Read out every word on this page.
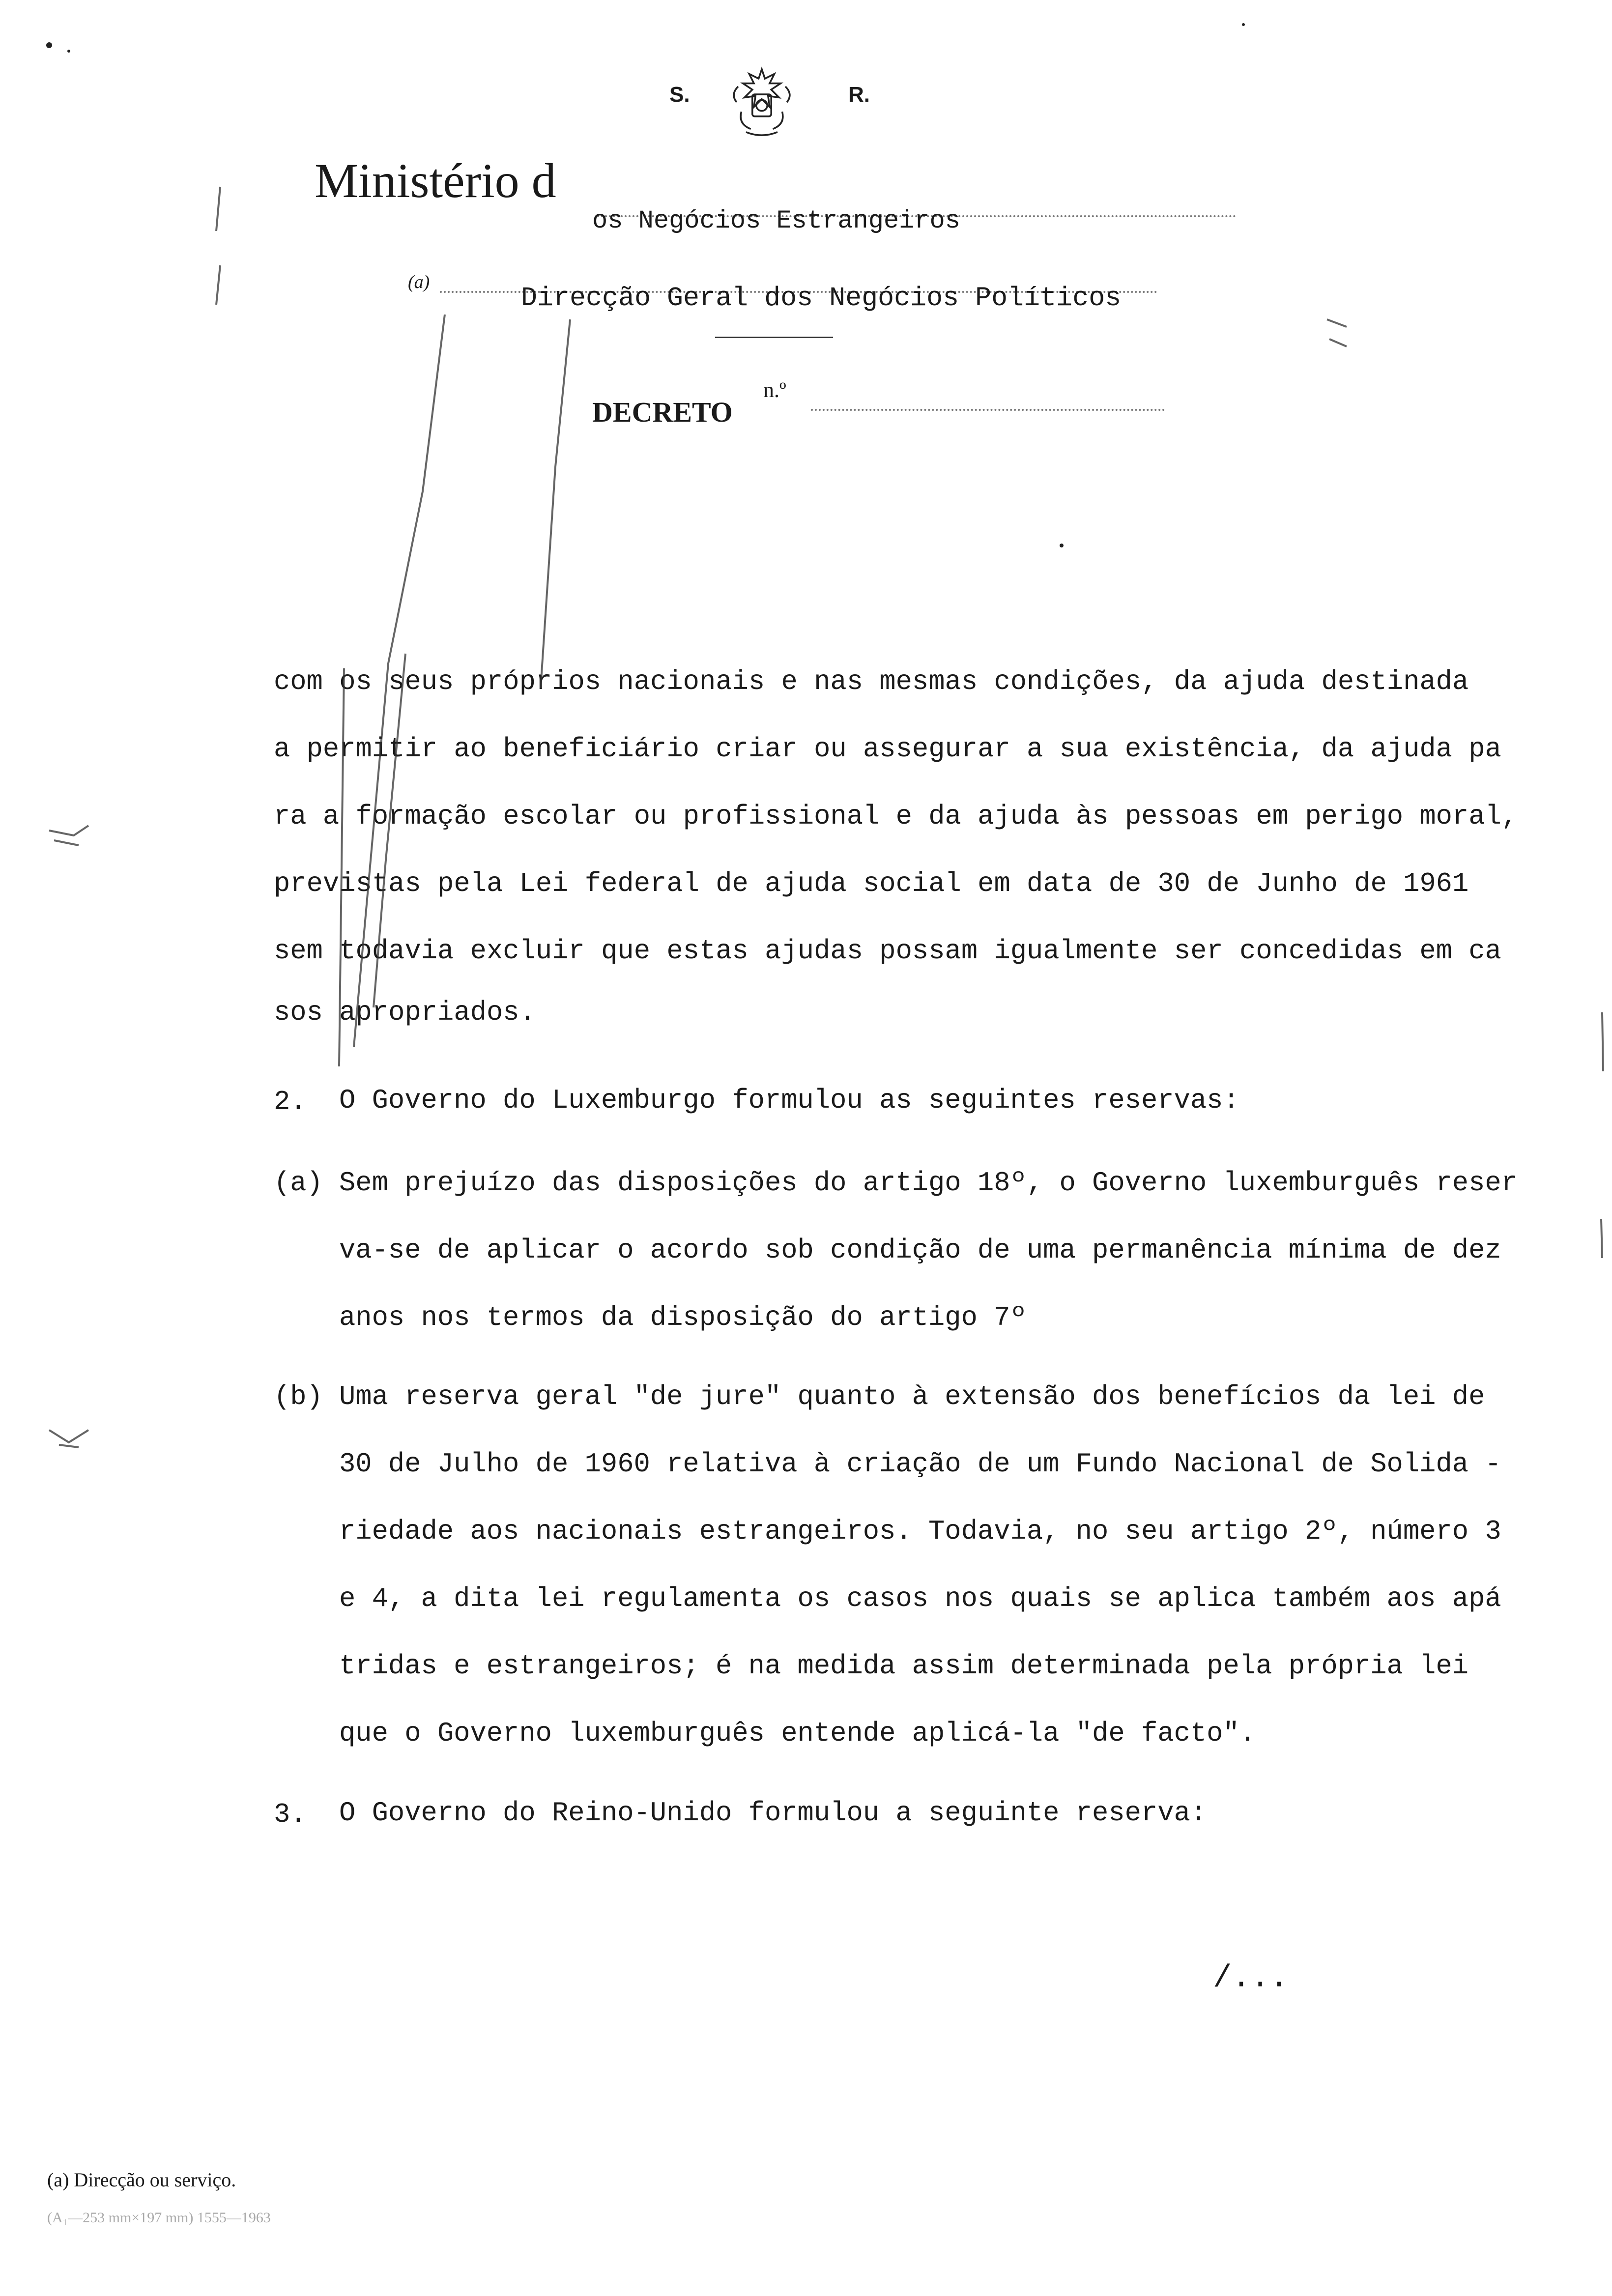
S.	R.
Ministério d
os Negócios Estrangeiros
(a)
Direcção Geral dos Negócios Políticos
DECRETO
n.º
com os seus próprios nacionais e nas mesmas condições, da ajuda destinada
a permitir ao beneficiário criar ou assegurar a sua existência, da ajuda pa
ra a formação escolar ou profissional e da ajuda às pessoas em perigo moral,
previstas pela Lei federal de ajuda social em data de 30 de Junho de 1961
sem todavia excluir que estas ajudas possam igualmente ser concedidas em ca
sos apropriados.
2. O Governo do Luxemburgo formulou as seguintes reservas:
(a) Sem prejuízo das disposições do artigo 18º, o Governo luxemburguês reser
va-se de aplicar o acordo sob condição de uma permanência mínima de dez
anos nos termos da disposição do artigo 7º
(b) Uma reserva geral "de jure" quanto à extensão dos benefícios da lei de
30 de Julho de 1960 relativa à criação de um Fundo Nacional de Solida -
riedade aos nacionais estrangeiros. Todavia, no seu artigo 2º, número 3
e 4, a dita lei regulamenta os casos nos quais se aplica também aos apá
tridas e estrangeiros; é na medida assim determinada pela própria lei
que o Governo luxemburguês entende aplicá-la "de facto".
3. O Governo do Reino-Unido formulou a seguinte reserva:
/...
(a) Direcção ou serviço.
(A₁—253 mm×197 mm) 1555—1963
